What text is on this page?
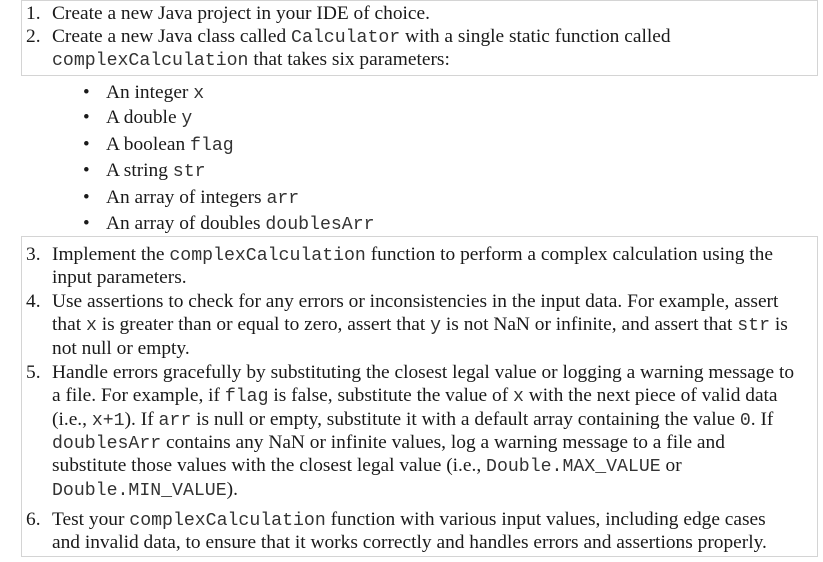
1. Create a new Java project in your IDE of choice.
2. Create a new Java class called Calculator with a single static function called
complexCalculation that takes six parameters:
3. Implement the complexCalculation function to perform a complex calculation using the
input parameters.
4. Use assertions to check for any errors or inconsistencies in the input data. For example, assert
that x is greater than or equal to zero, assert that y is not NaN or infinite, and assert that str is
not null or empty.
5. Handle errors gracefully by substituting the closest legal value or logging a warning message to
a file. For example, if flag is false, substitute the value of x with the next piece of valid data
(i.e., x+1). If arr is null or empty, substitute it with a default array containing the value 0. If
doublesArr contains any NaN or infinite values, log a warning message to a file and
substitute those values with the closest legal value (i.e., Double.MAX_VALUE or
Double.MIN_VALUE).
6. Test your complexCalculation function with various input values, including edge cases
and invalid data, to ensure that it works correctly and handles errors and assertions properly.
• An integer x
• A double y
• A boolean flag
• A string str
• An array of integers arr
• An array of doubles doublesArr
